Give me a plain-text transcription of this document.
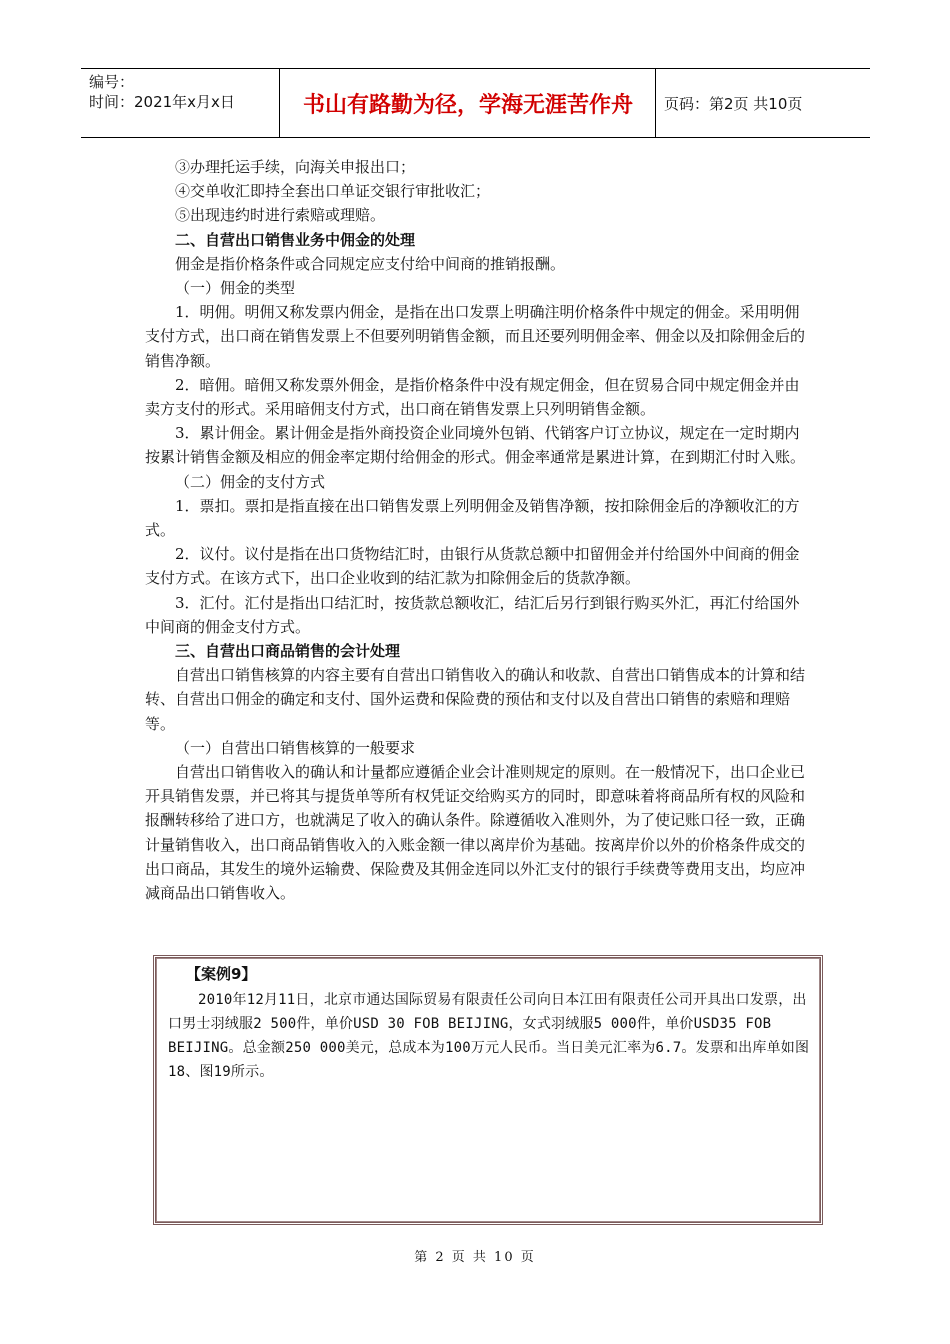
编号：
时间：2021年x月x日	书山有路勤为径，学海无涯苦作舟	页码：第2页 共10页

③办理托运手续，向海关申报出口；

④交单收汇即持全套出口单证交银行审批收汇；

⑤出现违约时进行索赔或理赔。

二、自营出口销售业务中佣金的处理

佣金是指价格条件或合同规定应支付给中间商的推销报酬。

（一）佣金的类型

1．明佣。明佣又称发票内佣金，是指在出口发票上明确注明价格条件中规定的佣金。采用明佣支付方式，出口商在销售发票上不但要列明销售金额，而且还要列明佣金率、佣金以及扣除佣金后的销售净额。

2．暗佣。暗佣又称发票外佣金，是指价格条件中没有规定佣金，但在贸易合同中规定佣金并由卖方支付的形式。采用暗佣支付方式，出口商在销售发票上只列明销售金额。

3．累计佣金。累计佣金是指外商投资企业同境外包销、代销客户订立协议，规定在一定时期内按累计销售金额及相应的佣金率定期付给佣金的形式。佣金率通常是累进计算，在到期汇付时入账。

（二）佣金的支付方式

1．票扣。票扣是指直接在出口销售发票上列明佣金及销售净额，按扣除佣金后的净额收汇的方式。

2．议付。议付是指在出口货物结汇时，由银行从货款总额中扣留佣金并付给国外中间商的佣金支付方式。在该方式下，出口企业收到的结汇款为扣除佣金后的货款净额。

3．汇付。汇付是指出口结汇时，按货款总额收汇，结汇后另行到银行购买外汇，再汇付给国外中间商的佣金支付方式。

三、自营出口商品销售的会计处理

自营出口销售核算的内容主要有自营出口销售收入的确认和收款、自营出口销售成本的计算和结转、自营出口佣金的确定和支付、国外运费和保险费的预估和支付以及自营出口销售的索赔和理赔等。

（一）自营出口销售核算的一般要求

自营出口销售收入的确认和计量都应遵循企业会计准则规定的原则。在一般情况下，出口企业已开具销售发票，并已将其与提货单等所有权凭证交给购买方的同时，即意味着将商品所有权的风险和报酬转移给了进口方，也就满足了收入的确认条件。除遵循收入准则外，为了使记账口径一致，正确计量销售收入，出口商品销售收入的入账金额一律以离岸价为基础。按离岸价以外的价格条件成交的出口商品，其发生的境外运输费、保险费及其佣金连同以外汇支付的银行手续费等费用支出，均应冲减商品出口销售收入。

【案例9】

2010年12月11日，北京市通达国际贸易有限责任公司向日本江田有限责任公司开具出口发票，出口男士羽绒服2 500件，单价USD 30 FOB BEIJING，女式羽绒服5 000件，单价USD35 FOB BEIJING。总金额250 000美元，总成本为100万元人民币。当日美元汇率为6.7。发票和出库单如图18、图19所示。

第 2 页 共 10 页
